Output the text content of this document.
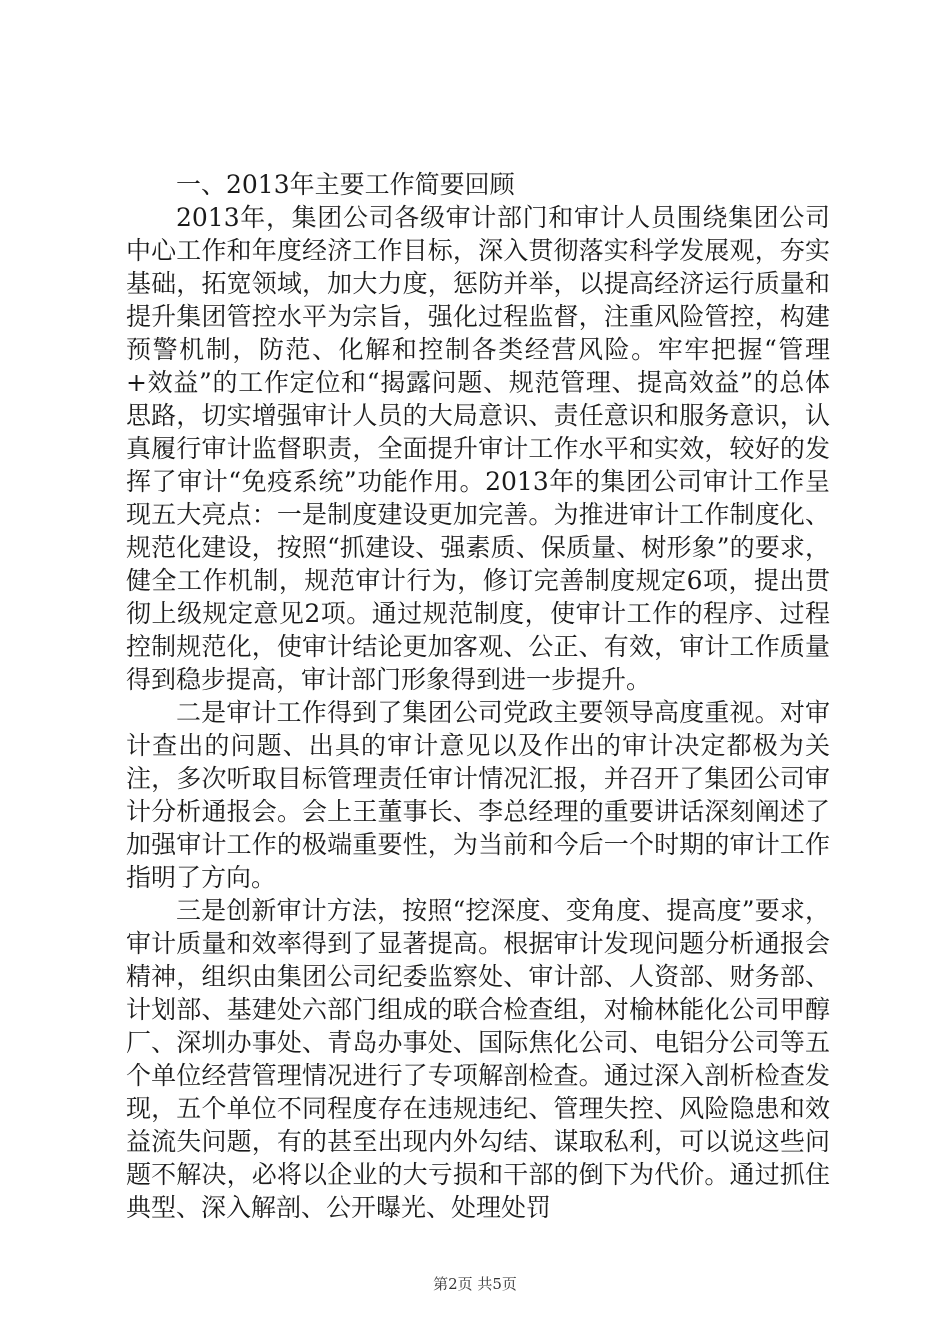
一、2013年主要工作简要回顾

2013年，集团公司各级审计部门和审计人员围绕集团公司中心工作和年度经济工作目标，深入贯彻落实科学发展观，夯实基础，拓宽领域，加大力度，惩防并举，以提高经济运行质量和提升集团管控水平为宗旨，强化过程监督，注重风险管控，构建预警机制，防范、化解和控制各类经营风险。牢牢把握“管理+效益”的工作定位和“揭露问题、规范管理、提高效益”的总体思路，切实增强审计人员的大局意识、责任意识和服务意识，认真履行审计监督职责，全面提升审计工作水平和实效，较好的发挥了审计“免疫系统”功能作用。2013年的集团公司审计工作呈现五大亮点：一是制度建设更加完善。为推进审计工作制度化、规范化建设，按照“抓建设、强素质、保质量、树形象”的要求，健全工作机制，规范审计行为，修订完善制度规定6项，提出贯彻上级规定意见2项。通过规范制度，使审计工作的程序、过程控制规范化，使审计结论更加客观、公正、有效，审计工作质量得到稳步提高，审计部门形象得到进一步提升。

二是审计工作得到了集团公司党政主要领导高度重视。对审计查出的问题、出具的审计意见以及作出的审计决定都极为关注，多次听取目标管理责任审计情况汇报，并召开了集团公司审计分析通报会。会上王董事长、李总经理的重要讲话深刻阐述了加强审计工作的极端重要性，为当前和今后一个时期的审计工作指明了方向。

三是创新审计方法，按照“挖深度、变角度、提高度”要求，审计质量和效率得到了显著提高。根据审计发现问题分析通报会精神，组织由集团公司纪委监察处、审计部、人资部、财务部、计划部、基建处六部门组成的联合检查组，对榆林能化公司甲醇厂、深圳办事处、青岛办事处、国际焦化公司、电铝分公司等五个单位经营管理情况进行了专项解剖检查。通过深入剖析检查发现，五个单位不同程度存在违规违纪、管理失控、风险隐患和效益流失问题，有的甚至出现内外勾结、谋取私利，可以说这些问题不解决，必将以企业的大亏损和干部的倒下为代价。通过抓住典型、深入解剖、公开曝光、处理处罚

第2页 共5页
